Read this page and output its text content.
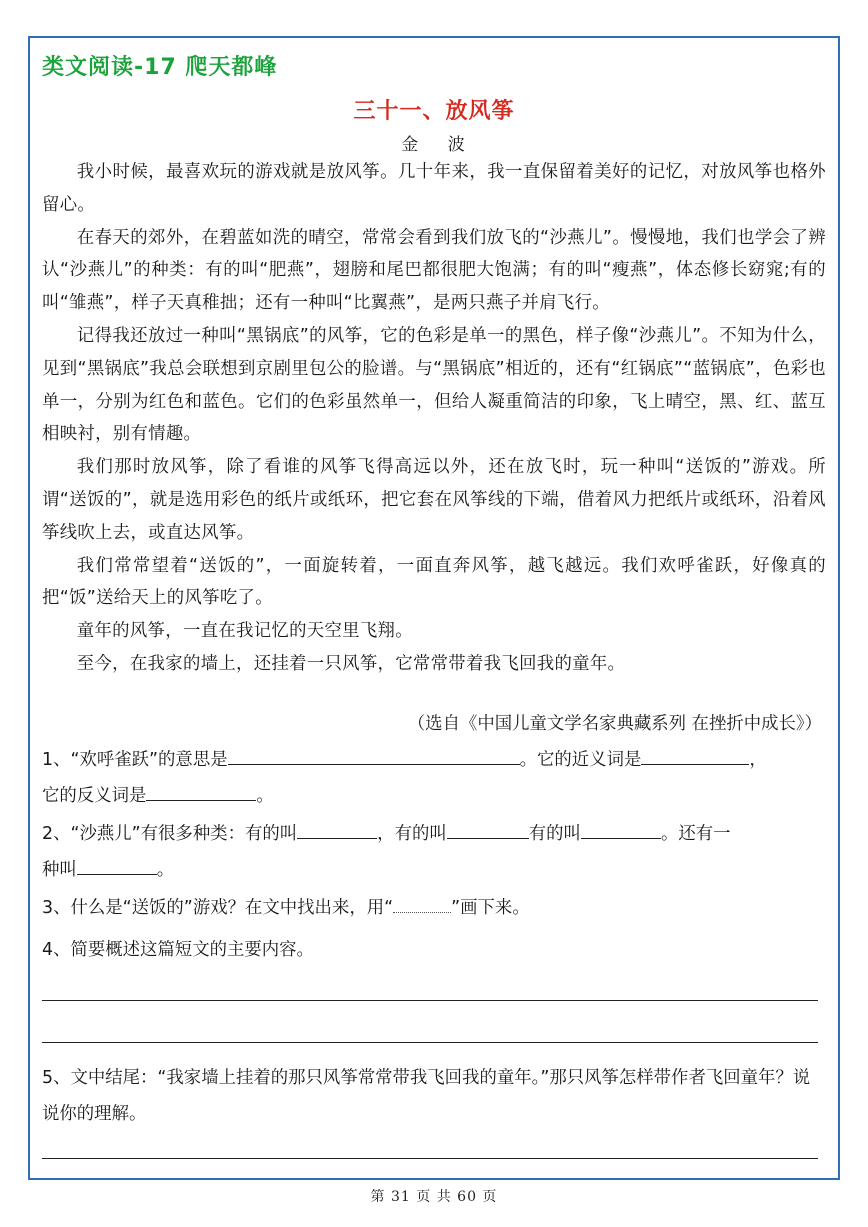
类文阅读-17 爬天都峰
三十一、放风筝
金 波

我小时候，最喜欢玩的游戏就是放风筝。几十年来，我一直保留着美好的记忆，对放风筝也格外留心。

在春天的郊外，在碧蓝如洗的晴空，常常会看到我们放飞的“沙燕儿”。慢慢地，我们也学会了辨认“沙燕儿”的种类：有的叫“肥燕”，翅膀和尾巴都很肥大饱满；有的叫“瘦燕”，体态修长窈窕;有的叫“雏燕”，样子天真稚拙；还有一种叫“比翼燕”，是两只燕子并肩飞行。

记得我还放过一种叫“黑锅底”的风筝，它的色彩是单一的黑色，样子像“沙燕儿”。不知为什么，见到“黑锅底”我总会联想到京剧里包公的脸谱。与“黑锅底”相近的，还有“红锅底”“蓝锅底”，色彩也单一，分别为红色和蓝色。它们的色彩虽然单一，但给人凝重简洁的印象，飞上晴空，黑、红、蓝互相映衬，别有情趣。

我们那时放风筝，除了看谁的风筝飞得高远以外，还在放飞时，玩一种叫“送饭的”游戏。所谓“送饭的”，就是选用彩色的纸片或纸环，把它套在风筝线的下端，借着风力把纸片或纸环，沿着风筝线吹上去，或直达风筝。

我们常常望着“送饭的”，一面旋转着，一面直奔风筝，越飞越远。我们欢呼雀跃，好像真的把“饭”送给天上的风筝吃了。

童年的风筝，一直在我记忆的天空里飞翔。

至今，在我家的墙上，还挂着一只风筝，它常常带着我飞回我的童年。

（选自《中国儿童文学名家典藏系列 在挫折中成长》）
1、“欢呼雀跃”的意思是	。它的近义词是	，
它的反义词是	。
2、“沙燕儿”有很多种类：有的叫	，有的叫	有的叫	。还有一
种叫	。
3、什么是“送饭的”游戏？在文中找出来，用“	”画下来。
4、简要概述这篇短文的主要内容。
5、文中结尾：“我家墙上挂着的那只风筝常常带我飞回我的童年。”那只风筝怎样带作者飞回童年？说说你的理解。
第 31 页 共 60 页
